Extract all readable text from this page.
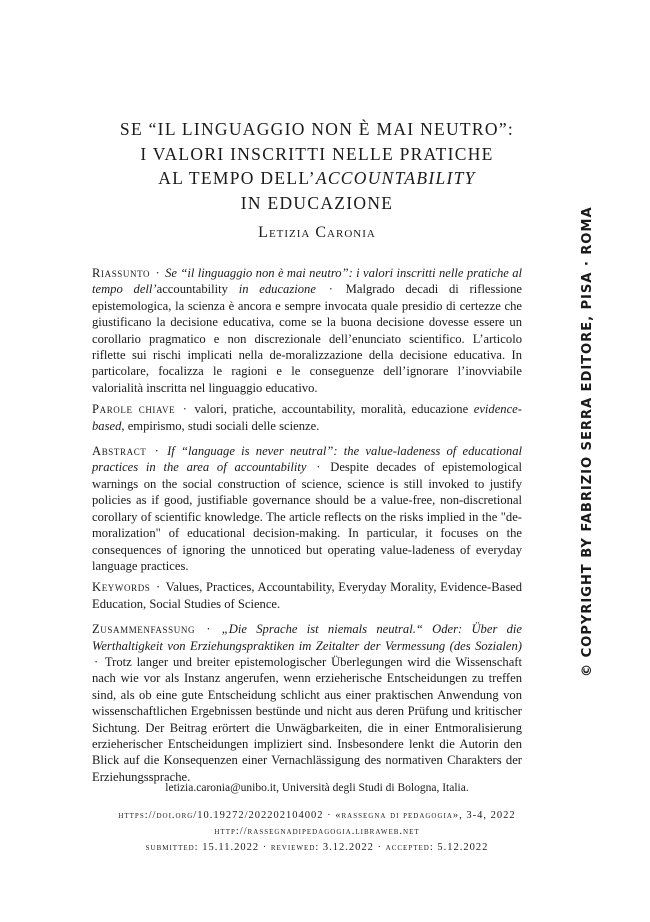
SE “IL LINGUAGGIO NON È MAI NEUTRO”:
I VALORI INSCRITTI NELLE PRATICHE
AL TEMPO DELL’ACCOUNTABILITY
IN EDUCAZIONE
Letizia Caronia

Riassunto · Se “il linguaggio non è mai neutro”: i valori inscritti nelle pratiche al tempo dell’accountability in educazione · Malgrado decadi di riflessione epistemologica, la scienza è ancora e sempre invocata quale presidio di certezze che giustificano la decisione educativa, come se la buona decisione dovesse essere un corollario pragmatico e non discrezionale dell’enunciato scientifico. L’articolo riflette sui rischi implicati nella de-moralizzazione della decisione educativa. In particolare, focalizza le ragioni e le conseguenze dell’ignorare l’inovviabile valorialità inscritta nel linguaggio educativo.

Parole chiave · valori, pratiche, accountability, moralità, educazione evidence-based, empirismo, studi sociali delle scienze.

Abstract · If “language is never neutral”: the value-ladeness of educational practices in the area of accountability · Despite decades of epistemological warnings on the social construction of science, science is still invoked to justify policies as if good, justifiable governance should be a value-free, non-discretional corollary of scientific knowledge. The article reflects on the risks implied in the "de-moralization" of educational decision-making. In particular, it focuses on the consequences of ignoring the unnoticed but operating value-ladeness of everyday language practices.

Keywords · Values, Practices, Accountability, Everyday Morality, Evidence-Based Education, Social Studies of Science.

Zusammenfassung · „Die Sprache ist niemals neutral.“ Oder: Über die Werthaltigkeit von Erziehungspraktiken im Zeitalter der Vermessung (des Sozialen) · Trotz langer und breiter epistemologischer Überlegungen wird die Wissenschaft nach wie vor als Instanz angerufen, wenn erzieherische Entscheidungen zu treffen sind, als ob eine gute Entscheidung schlicht aus einer praktischen Anwendung von wissenschaftlichen Ergebnissen bestünde und nicht aus deren Prüfung und kritischer Sichtung. Der Beitrag erörtert die Unwägbarkeiten, die in einer Entmoralisierung erzieherischer Entscheidungen impliziert sind. Insbesondere lenkt die Autorin den Blick auf die Konsequenzen einer Vernachlässigung des normativen Charakters der Erziehungssprache.

letizia.caronia@unibo.it, Università degli Studi di Bologna, Italia.
https://doi.org/10.19272/202202104002 · «rassegna di pedagogia», 3-4, 2022
http://rassegnadipedagogia.libraweb.net
submitted: 15.11.2022 · reviewed: 3.12.2022 · accepted: 5.12.2022
© COPYRIGHT BY FABRIZIO SERRA EDITORE, PISA · ROMA
